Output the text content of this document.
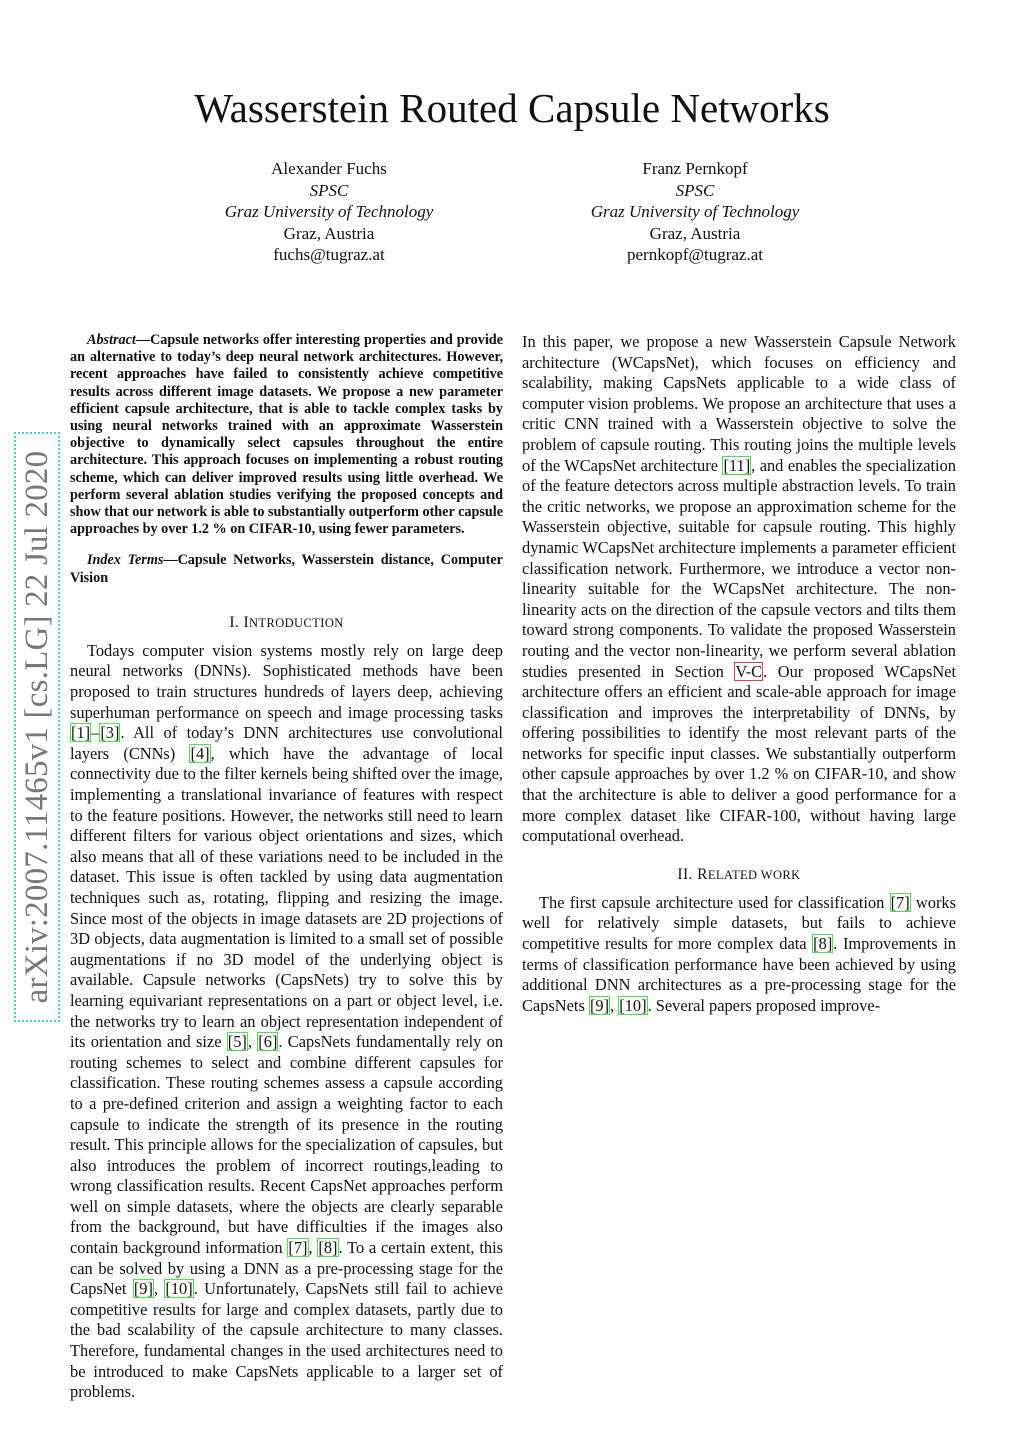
Wasserstein Routed Capsule Networks
Alexander Fuchs
SPSC
Graz University of Technology
Graz, Austria
fuchs@tugraz.at
Franz Pernkopf
SPSC
Graz University of Technology
Graz, Austria
pernkopf@tugraz.at
arXiv:2007.11465v1 [cs.LG] 22 Jul 2020

Abstract—Capsule networks offer interesting properties and provide an alternative to today’s deep neural network architectures. However, recent approaches have failed to consistently achieve competitive results across different image datasets. We propose a new parameter efficient capsule architecture, that is able to tackle complex tasks by using neural networks trained with an approximate Wasserstein objective to dynamically select capsules throughout the entire architecture. This approach focuses on implementing a robust routing scheme, which can deliver improved results using little overhead. We perform several ablation studies verifying the proposed concepts and show that our network is able to substantially outperform other capsule approaches by over 1.2 % on CIFAR-10, using fewer parameters.

Index Terms—Capsule Networks, Wasserstein distance, Computer Vision

I. INTRODUCTION

Todays computer vision systems mostly rely on large deep neural networks (DNNs). Sophisticated methods have been proposed to train structures hundreds of layers deep, achieving superhuman performance on speech and image processing tasks [1]–[3]. All of today’s DNN architectures use convolutional layers (CNNs) [4], which have the advantage of local connectivity due to the filter kernels being shifted over the image, implementing a translational invariance of features with respect to the feature positions. However, the networks still need to learn different filters for various object orientations and sizes, which also means that all of these variations need to be included in the dataset. This issue is often tackled by using data augmentation techniques such as, rotating, flipping and resizing the image. Since most of the objects in image datasets are 2D projections of 3D objects, data augmentation is limited to a small set of possible augmentations if no 3D model of the underlying object is available. Capsule networks (CapsNets) try to solve this by learning equivariant representations on a part or object level, i.e. the networks try to learn an object representation independent of its orientation and size [5], [6]. CapsNets fundamentally rely on routing schemes to select and combine different capsules for classification. These routing schemes assess a capsule according to a pre-defined criterion and assign a weighting factor to each capsule to indicate the strength of its presence in the routing result. This principle allows for the specialization of capsules, but also introduces the problem of incorrect routings,leading to wrong classification results. Recent CapsNet approaches perform well on simple datasets, where the objects are clearly separable from the background, but have difficulties if the images also contain background information [7], [8]. To a certain extent, this can be solved by using a DNN as a pre-processing stage for the CapsNet [9], [10]. Unfortunately, CapsNets still fail to achieve competitive results for large and complex datasets, partly due to the bad scalability of the capsule architecture to many classes. Therefore, fundamental changes in the used architectures need to be introduced to make CapsNets applicable to a larger set of problems.

In this paper, we propose a new Wasserstein Capsule Network architecture (WCapsNet), which focuses on efficiency and scalability, making CapsNets applicable to a wide class of computer vision problems. We propose an architecture that uses a critic CNN trained with a Wasserstein objective to solve the problem of capsule routing. This routing joins the multiple levels of the WCapsNet architecture [11], and enables the specialization of the feature detectors across multiple abstraction levels. To train the critic networks, we propose an approximation scheme for the Wasserstein objective, suitable for capsule routing. This highly dynamic WCapsNet architecture implements a parameter efficient classification network. Furthermore, we introduce a vector non-linearity suitable for the WCapsNet architecture. The non-linearity acts on the direction of the capsule vectors and tilts them toward strong components. To validate the proposed Wasserstein routing and the vector non-linearity, we perform several ablation studies presented in Section V-C. Our proposed WCapsNet architecture offers an efficient and scale-able approach for image classification and improves the interpretability of DNNs, by offering possibilities to identify the most relevant parts of the networks for specific input classes. We substantially outperform other capsule approaches by over 1.2 % on CIFAR-10, and show that the architecture is able to deliver a good performance for a more complex dataset like CIFAR-100, without having large computational overhead.

II. RELATED WORK

The first capsule architecture used for classification [7] works well for relatively simple datasets, but fails to achieve competitive results for more complex data [8]. Improvements in terms of classification performance have been achieved by using additional DNN architectures as a pre-processing stage for the CapsNets [9], [10]. Several papers proposed improve-
